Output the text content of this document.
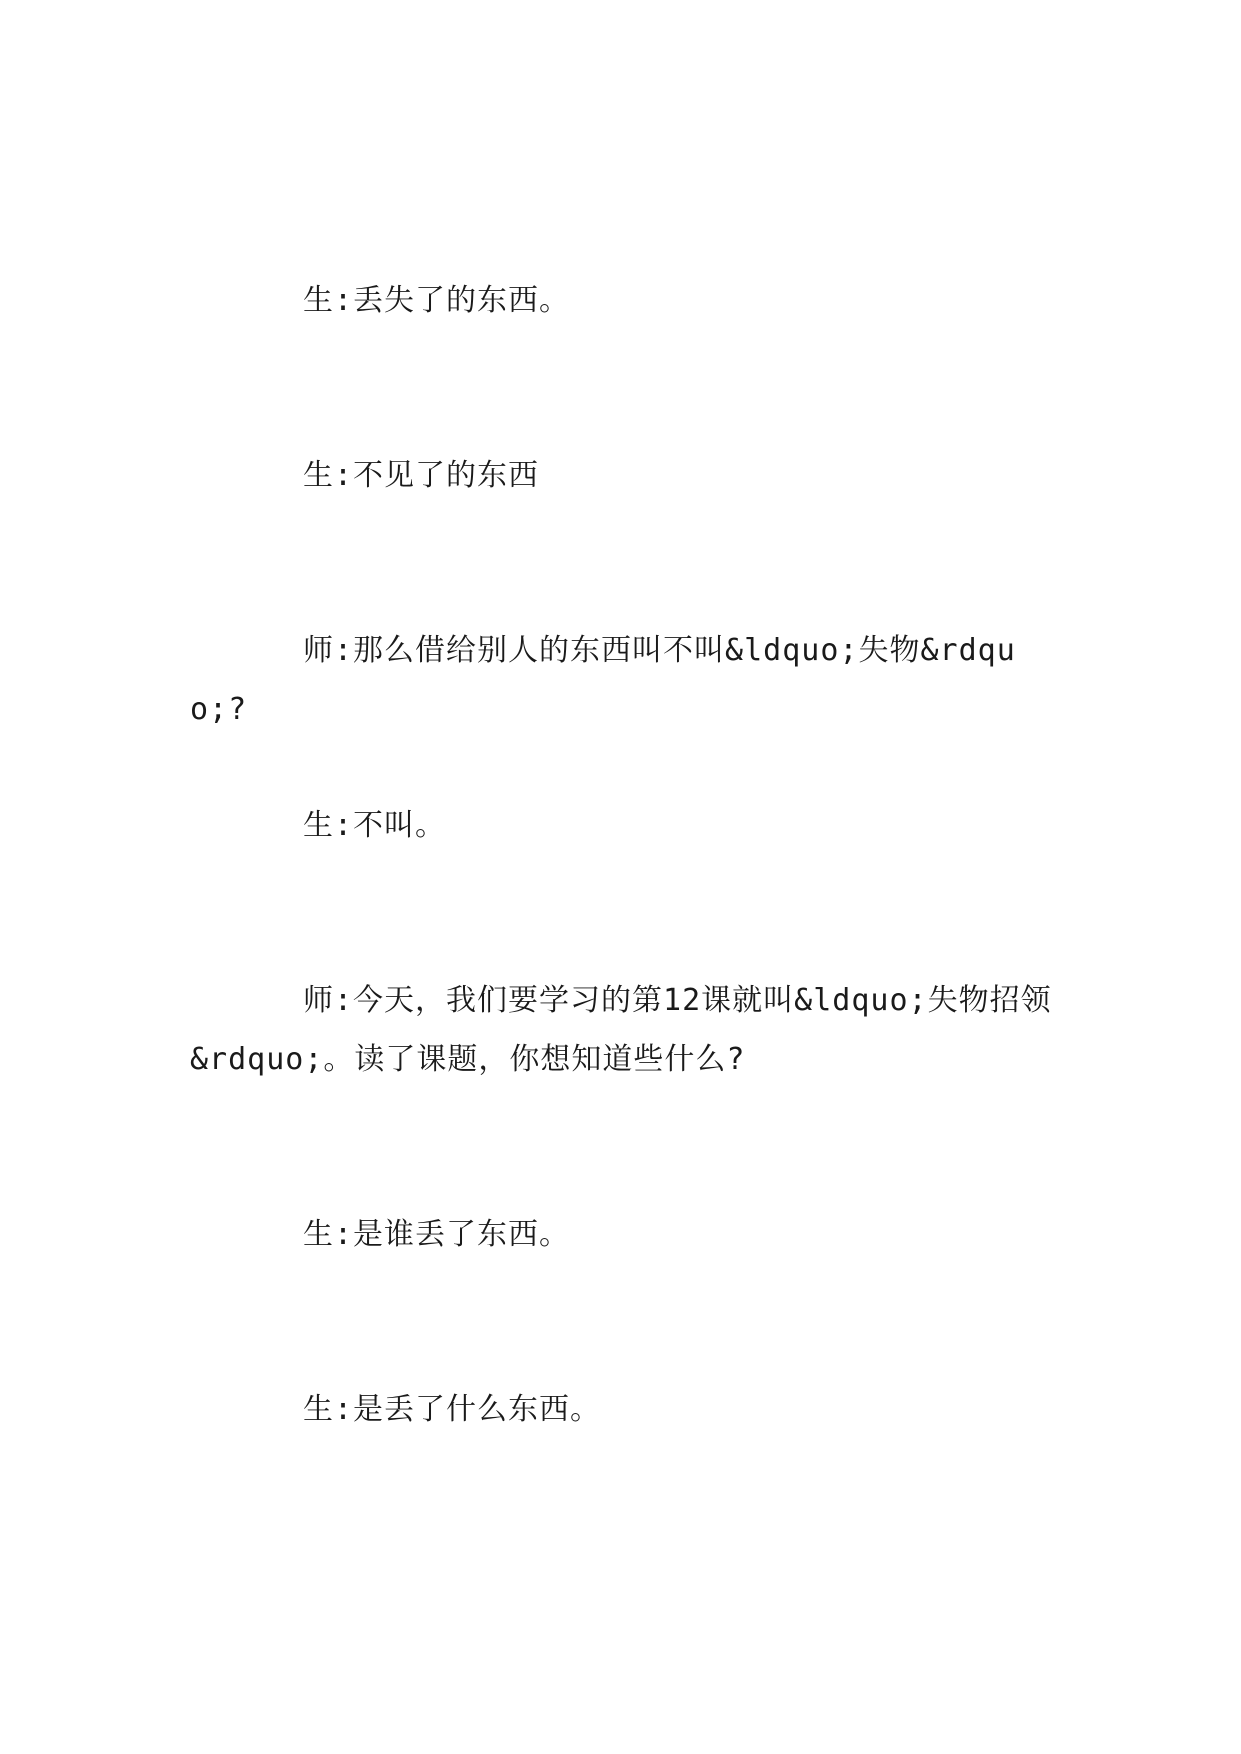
生:丢失了的东西。

生:不见了的东西

师:那么借给别人的东西叫不叫&ldquo;失物&rdquo;?

生:不叫。

师:今天，我们要学习的第12课就叫&ldquo;失物招领&rdquo;。读了课题，你想知道些什么?

生:是谁丢了东西。

生:是丢了什么东西。
